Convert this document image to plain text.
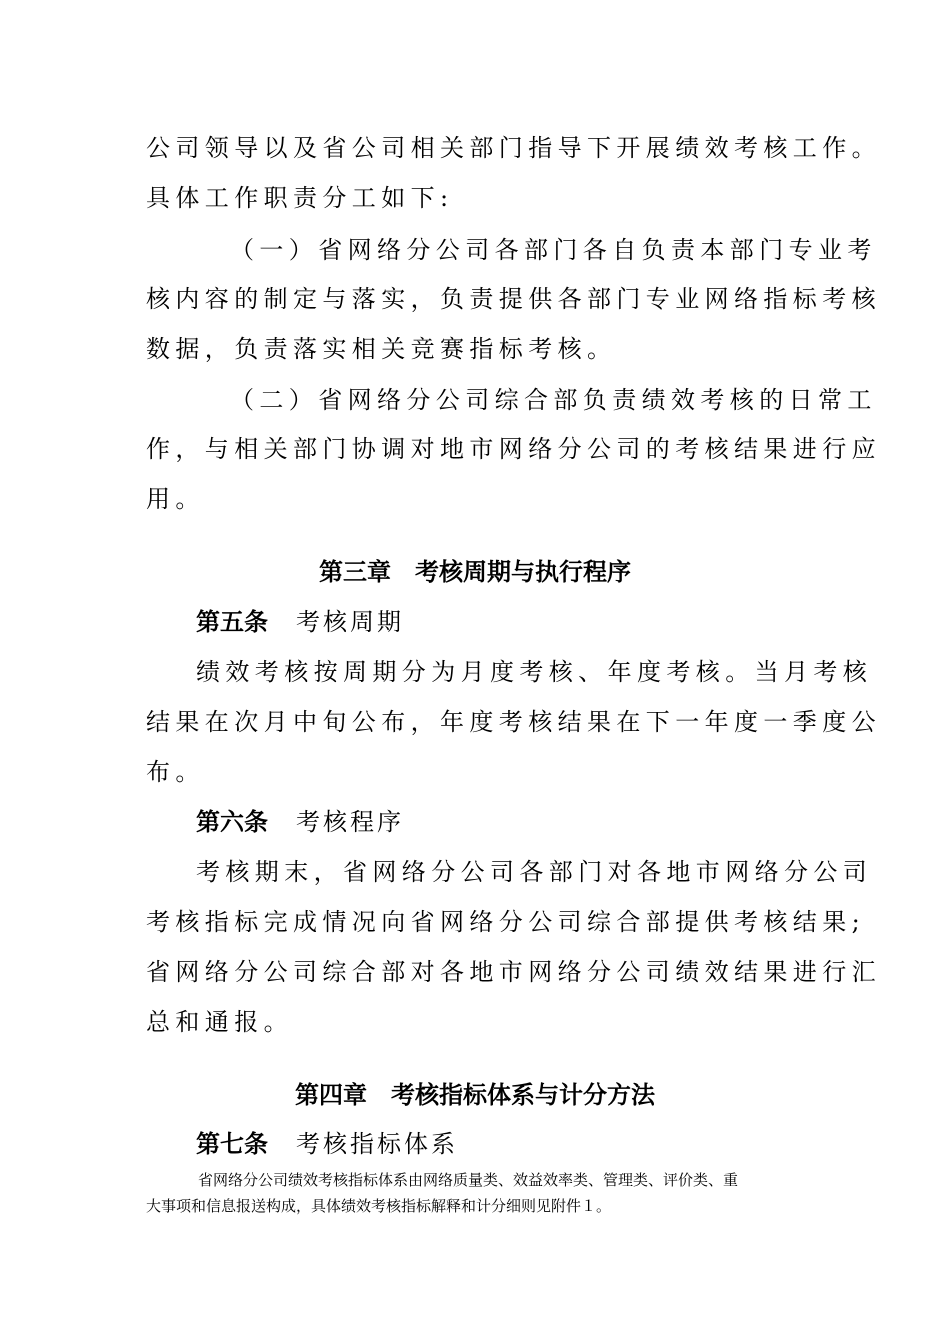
公司领导以及省公司相关部门指导下开展绩效考核工作。
具体工作职责分工如下:
（一）省网络分公司各部门各自负责本部门专业考
核内容的制定与落实，负责提供各部门专业网络指标考核
数据，负责落实相关竞赛指标考核。
（二）省网络分公司综合部负责绩效考核的日常工
作，与相关部门协调对地市网络分公司的考核结果进行应
用。
第三章　考核周期与执行程序
第五条 考核周期
绩效考核按周期分为月度考核、年度考核。当月考核
结果在次月中旬公布，年度考核结果在下一年度一季度公
布。
第六条 考核程序
考核期末，省网络分公司各部门对各地市网络分公司
考核指标完成情况向省网络分公司综合部提供考核结果;
省网络分公司综合部对各地市网络分公司绩效结果进行汇
总和通报。
第四章　考核指标体系与计分方法
第七条 考核指标体系
省网络分公司绩效考核指标体系由网络质量类、效益效率类、管理类、评价类、重
大事项和信息报送构成，具体绩效考核指标解释和计分细则见附件１。
